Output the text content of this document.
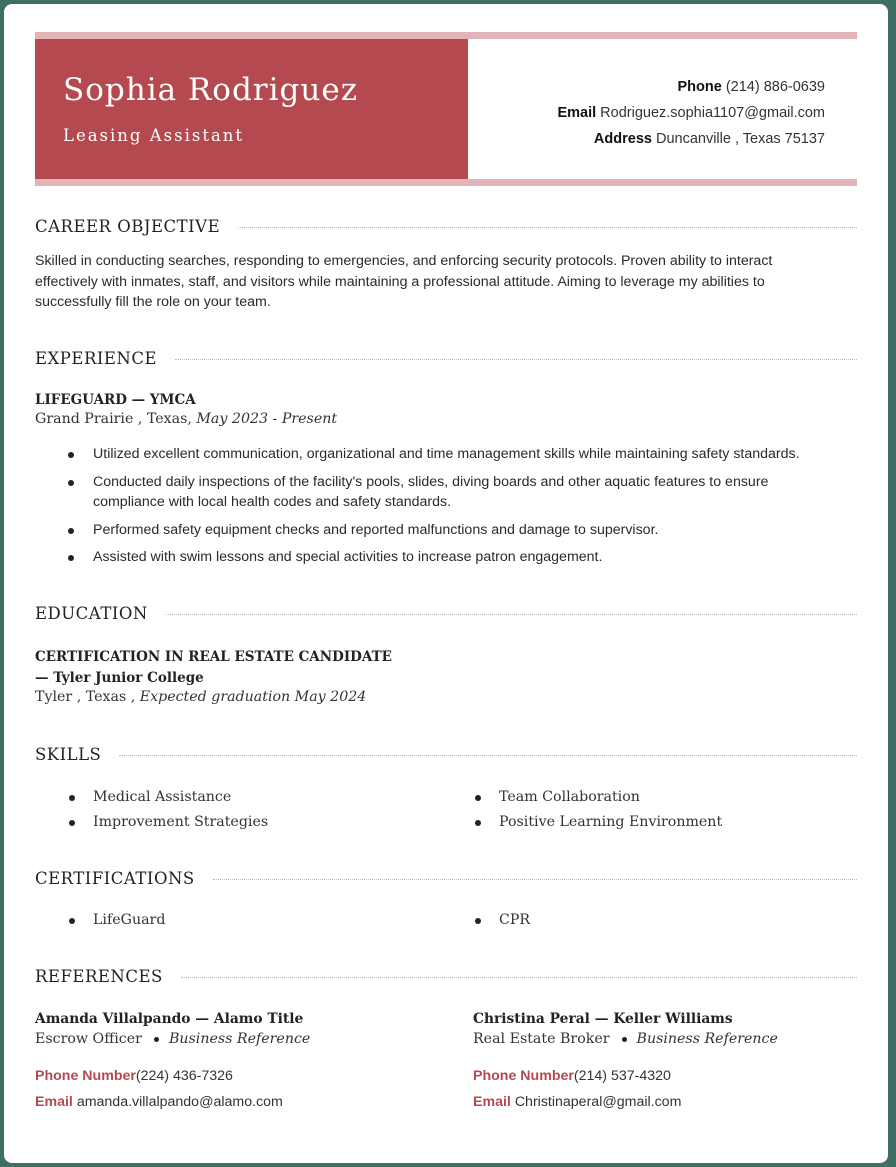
Sophia Rodriguez
Leasing Assistant
Phone (214) 886-0639
Email Rodriguez.sophia1107@gmail.com
Address Duncanville , Texas 75137
CAREER OBJECTIVE
Skilled in conducting searches, responding to emergencies, and enforcing security protocols. Proven ability to interact effectively with inmates, staff, and visitors while maintaining a professional attitude. Aiming to leverage my abilities to successfully fill the role on your team.
EXPERIENCE
LIFEGUARD — YMCA
Grand Prairie , Texas, May 2023 - Present
Utilized excellent communication, organizational and time management skills while maintaining safety standards.
Conducted daily inspections of the facility's pools, slides, diving boards and other aquatic features to ensure compliance with local health codes and safety standards.
Performed safety equipment checks and reported malfunctions and damage to supervisor.
Assisted with swim lessons and special activities to increase patron engagement.
EDUCATION
CERTIFICATION IN REAL ESTATE CANDIDATE
— Tyler Junior College
Tyler , Texas , Expected graduation May 2024
SKILLS
Medical Assistance	Team Collaboration
Improvement Strategies	Positive Learning Environment
CERTIFICATIONS
LifeGuard	CPR
REFERENCES
Amanda Villalpando — Alamo Title
Escrow Officer Business Reference
Phone Number(224) 436-7326
Email amanda.villalpando@alamo.com
Christina Peral — Keller Williams
Real Estate Broker Business Reference
Phone Number(214) 537-4320
Email Christinaperal@gmail.com
